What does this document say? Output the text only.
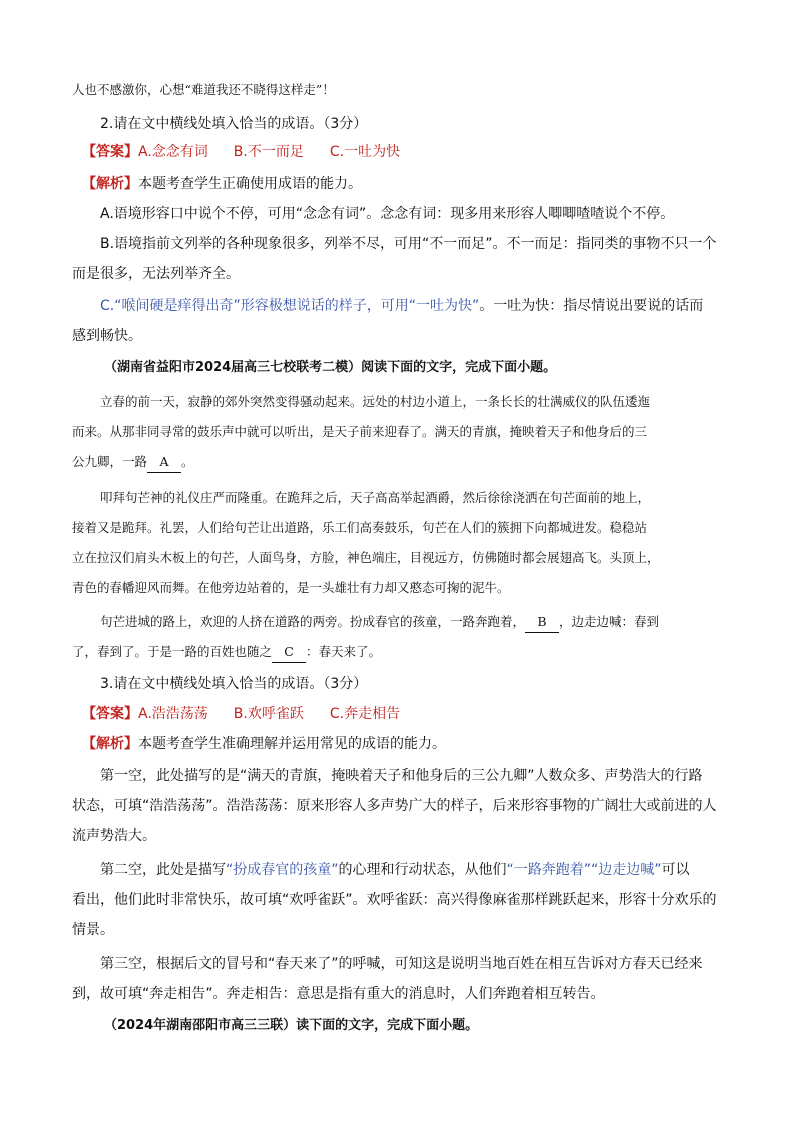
人也不感激你，心想“难道我还不晓得这样走”！
2.请在文中横线处填入恰当的成语。（3分）
【答案】A.念念有词 B.不一而足 C.一吐为快
【解析】本题考查学生正确使用成语的能力。
A.语境形容口中说个不停，可用“念念有词”。念念有词：现多用来形容人唧唧喳喳说个不停。
B.语境指前文列举的各种现象很多，列举不尽，可用“不一而足”。不一而足：指同类的事物不只一个
而是很多，无法列举齐全。
C.“喉间硬是痒得出奇”形容极想说话的样子，可用“一吐为快”。一吐为快：指尽情说出要说的话而
感到畅快。
（湖南省益阳市2024届高三七校联考二模）阅读下面的文字，完成下面小题。
立春的前一天，寂静的郊外突然变得骚动起来。远处的村边小道上，一条长长的壮满威仪的队伍逶迤
而来。从那非同寻常的鼓乐声中就可以听出，是天子前来迎春了。满天的青旗，掩映着天子和他身后的三
公九卿，一路 A 。
叩拜句芒神的礼仪庄严而隆重。在跪拜之后，天子高高举起酒爵，然后徐徐浇洒在句芒面前的地上，
接着又是跪拜。礼罢，人们给句芒让出道路，乐工们高奏鼓乐，句芒在人们的簇拥下向都城进发。稳稳站
立在拉汉们肩头木板上的句芒，人面鸟身，方脸，神色端庄，目视远方，仿佛随时都会展翅高飞。头顶上，
青色的春幡迎风而舞。在他旁边站着的，是一头雄壮有力却又憨态可掬的泥牛。
句芒进城的路上，欢迎的人挤在道路的两旁。扮成春官的孩童，一路奔跑着， B ，边走边喊：春到
了，春到了。于是一路的百姓也随之 C ：春天来了。
3.请在文中横线处填入恰当的成语。（3分）
【答案】A.浩浩荡荡 B.欢呼雀跃 C.奔走相告
【解析】本题考查学生准确理解并运用常见的成语的能力。
第一空，此处描写的是“满天的青旗，掩映着天子和他身后的三公九卿”人数众多、声势浩大的行路
状态，可填“浩浩荡荡”。浩浩荡荡：原来形容人多声势广大的样子，后来形容事物的广阔壮大或前进的人
流声势浩大。
第二空，此处是描写“扮成春官的孩童”的心理和行动状态，从他们“一路奔跑着”“边走边喊”可以
看出，他们此时非常快乐，故可填“欢呼雀跃”。欢呼雀跃：高兴得像麻雀那样跳跃起来，形容十分欢乐的
情景。
第三空，根据后文的冒号和“春天来了”的呼喊，可知这是说明当地百姓在相互告诉对方春天已经来
到，故可填“奔走相告”。奔走相告：意思是指有重大的消息时，人们奔跑着相互转告。
（2024年湖南邵阳市高三三联）读下面的文字，完成下面小题。
